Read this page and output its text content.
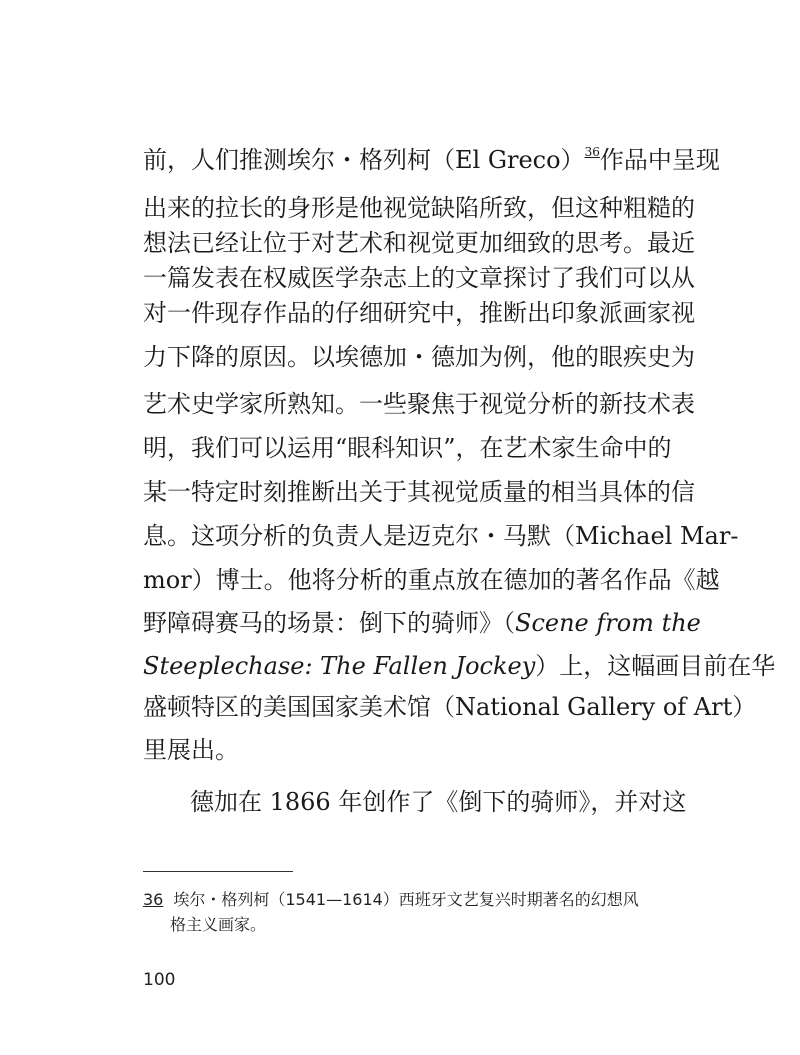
前，人们推测埃尔・格列柯（El Greco）$^{36}$作品中呈现
出来的拉长的身形是他视觉缺陷所致，但这种粗糙的
想法已经让位于对艺术和视觉更加细致的思考。最近
一篇发表在权威医学杂志上的文章探讨了我们可以从
对一件现存作品的仔细研究中，推断出印象派画家视
力下降的原因。以埃德加・德加为例，他的眼疾史为
艺术史学家所熟知。一些聚焦于视觉分析的新技术表
明，我们可以运用“眼科知识”，在艺术家生命中的
某一特定时刻推断出关于其视觉质量的相当具体的信
息。这项分析的负责人是迈克尔・马默（Michael Mar-
mor）博士。他将分析的重点放在德加的著名作品《越
野障碍赛马的场景：倒下的骑师》（Scene from the
Steeplechase: The Fallen Jockey）上，这幅画目前在华
盛顿特区的美国国家美术馆（National Gallery of Art）
里展出。
德加在 1866 年创作了《倒下的骑师》，并对这
36 埃尔・格列柯（1541—1614）西班牙文艺复兴时期著名的幻想风
格主义画家。
100
